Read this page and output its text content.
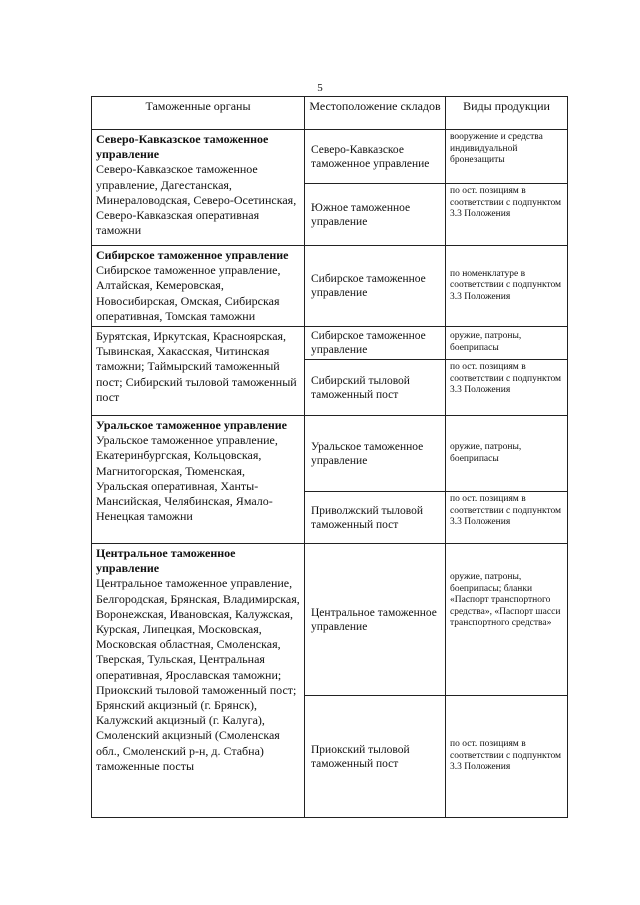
5
Таможенные органы	Местоположение складов	Виды продукции
Северо-Кавказское таможенное управление
Северо-Кавказское таможенное управление, Дагестанская, Минераловодская, Северо-Осетинская, Северо-Кавказская оперативная таможни	Северо-Кавказское таможенное управление	вооружение и средства индивидуальной бронезащиты
	Южное таможенное управление	по ост. позициям в соответствии с подпунктом 3.3 Положения
Сибирское таможенное управление
Сибирское таможенное управление, Алтайская, Кемеровская, Новосибирская, Омская, Сибирская оперативная, Томская таможни	Сибирское таможенное управление	по номенклатуре в соответствии с подпунктом 3.3 Положения
Бурятская, Иркутская, Красноярская, Тывинская, Хакасская, Читинская таможни; Таймырский таможенный пост; Сибирский тыловой таможенный пост	Сибирское таможенное управление	оружие, патроны, боеприпасы
	Сибирский тыловой таможенный пост	по ост. позициям в соответствии с подпунктом 3.3 Положения
Уральское таможенное управление
Уральское таможенное управление, Екатеринбургская, Кольцовская, Магнитогорская, Тюменская, Уральская оперативная, Ханты-Мансийская, Челябинская, Ямало-Ненецкая таможни	Уральское таможенное управление	оружие, патроны, боеприпасы
	Приволжский тыловой таможенный пост	по ост. позициям в соответствии с подпунктом 3.3 Положения
Центральное таможенное управление
Центральное таможенное управление, Белгородская, Брянская, Владимирская, Воронежская, Ивановская, Калужская, Курская, Липецкая, Московская, Московская областная, Смоленская, Тверская, Тульская, Центральная оперативная, Ярославская таможни; Приокский тыловой таможенный пост; Брянский акцизный (г. Брянск), Калужский акцизный (г. Калуга), Смоленский акцизный (Смоленская обл., Смоленский р-н, д. Стабна) таможенные посты	Центральное таможенное управление	оружие, патроны, боеприпасы; бланки «Паспорт транспортного средства», «Паспорт шасси транспортного средства»
	Приокский тыловой таможенный пост	по ост. позициям в соответствии с подпунктом 3.3 Положения
